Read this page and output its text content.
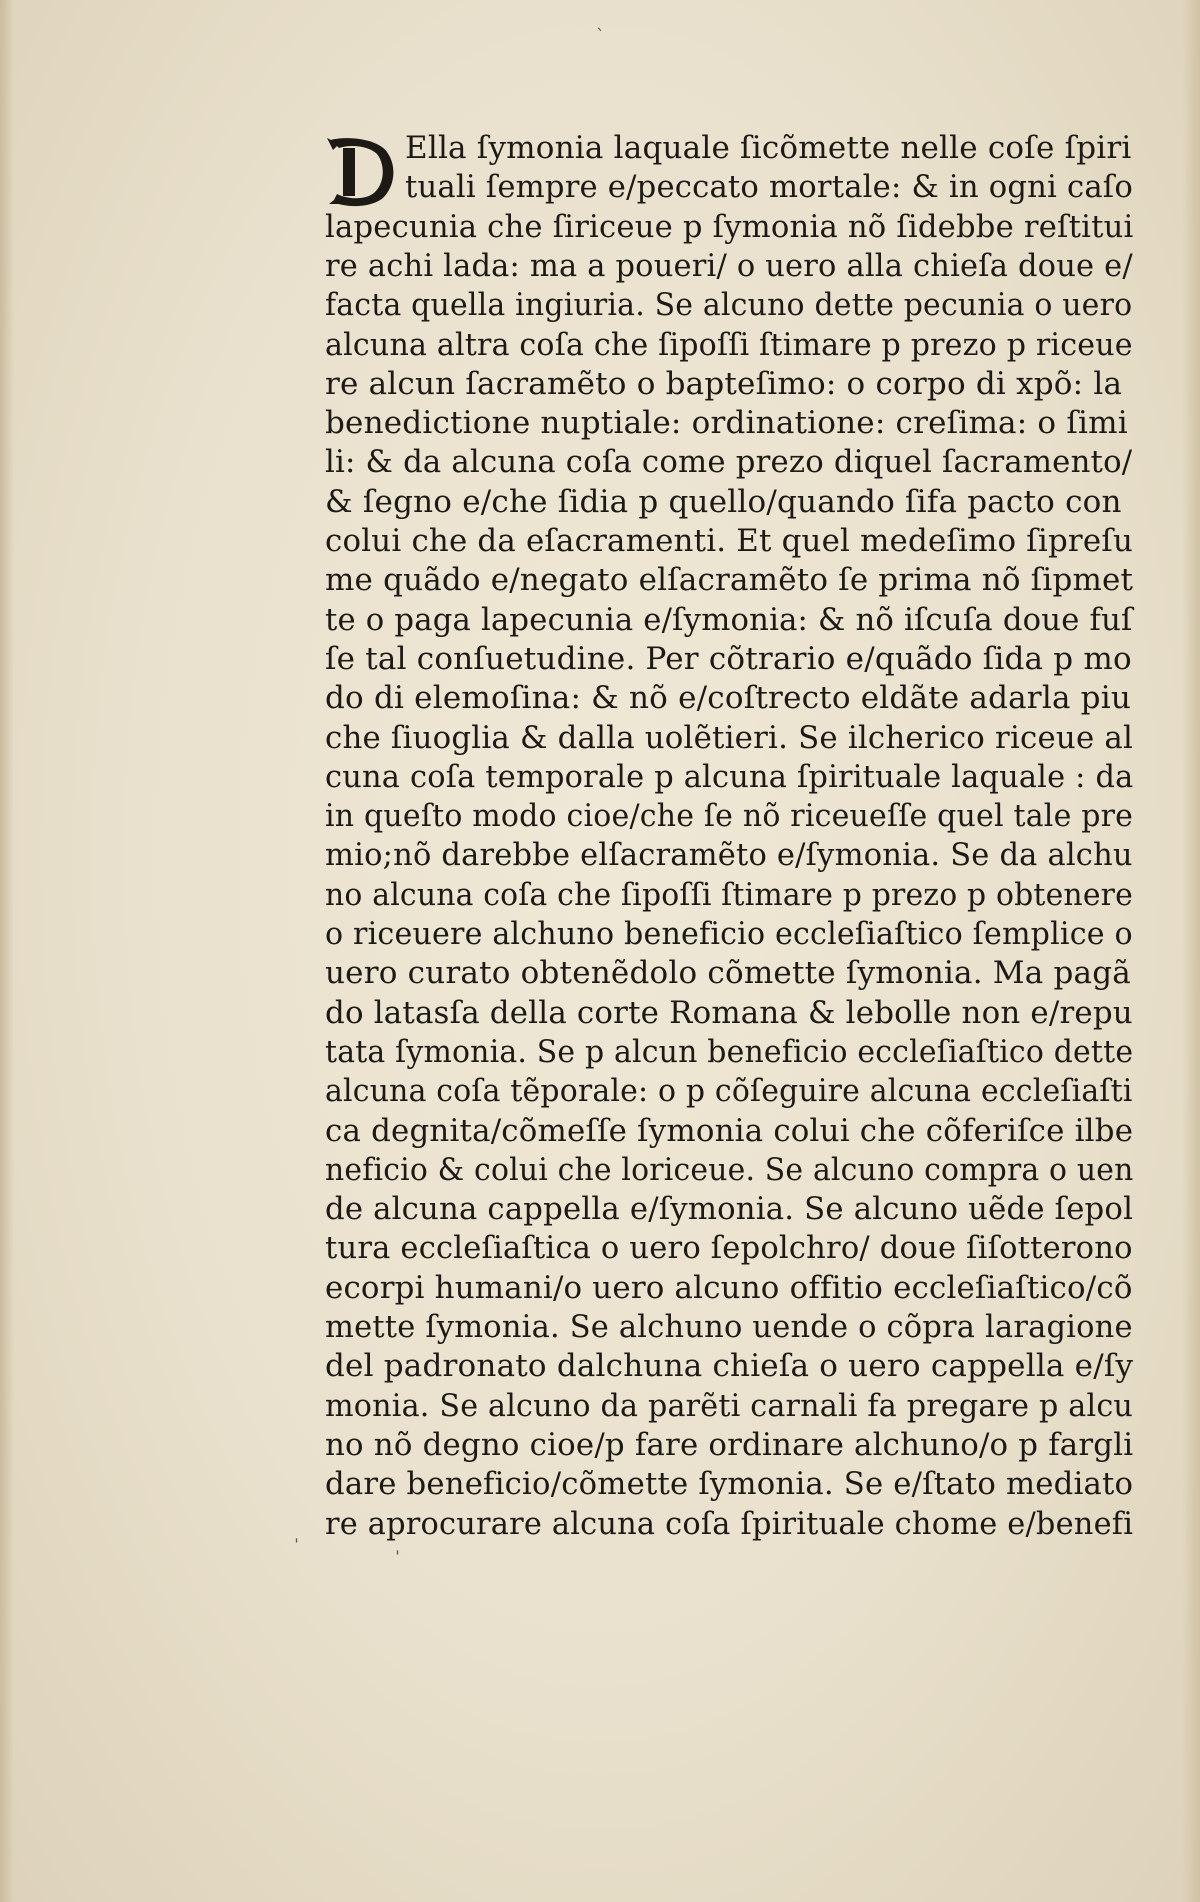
ˋ
Ella ſymonia laquale ſicõmette nelle coſe ſpiri
tuali ſempre e/peccato mortale: & in ogni caſo
lapecunia che ſiriceue p ſymonia nõ ſidebbe reſtitui
re achi lada: ma a poueri/ o uero alla chieſa doue e/
facta quella ingiuria. Se alcuno dette pecunia o uero
alcuna altra coſa che ſipoſſi ſtimare p prezo p riceue
re alcun ſacramẽto o bapteſimo: o corpo di xpõ: la
benedictione nuptiale: ordinatione: creſima: o ſimi
li: & da alcuna coſa come prezo diquel ſacramento/
& ſegno e/che ſidia p quello/quando ſifa pacto con
colui che da eſacramenti. Et quel medeſimo ſipreſu
me quãdo e/negato elſacramẽto ſe prima nõ ſipmet
te o paga lapecunia e/ſymonia: & nõ iſcuſa doue fuſ
ſe tal conſuetudine. Per cõtrario e/quãdo ſida p mo
do di elemoſina: & nõ e/coſtrecto eldãte adarla piu
che ſiuoglia & dalla uolẽtieri. Se ilcherico riceue al
cuna coſa temporale p alcuna ſpirituale laquale : da
in queſto modo cioe/che ſe nõ riceueſſe quel tale pre
mio;nõ darebbe elſacramẽto e/ſymonia. Se da alchu
no alcuna coſa che ſipoſſi ſtimare p prezo p obtenere
o riceuere alchuno beneficio eccleſiaſtico ſemplice o
uero curato obtenẽdolo cõmette ſymonia. Ma pagã
do latasſa della corte Romana & lebolle non e/repu
tata ſymonia. Se p alcun beneficio eccleſiaſtico dette
alcuna coſa tẽporale: o p cõſeguire alcuna eccleſiaſti
ca degnita/cõmeſſe ſymonia colui che cõferiſce ilbe
neficio & colui che loriceue. Se alcuno compra o uen
de alcuna cappella e/ſymonia. Se alcuno uẽde ſepol
tura eccleſiaſtica o uero ſepolchro/ doue ſiſotterono
ecorpi humani/o uero alcuno offitio eccleſiaſtico/cõ
mette ſymonia. Se alchuno uende o cõpra laragione
del padronato dalchuna chieſa o uero cappella e/ſy
monia. Se alcuno da parẽti carnali fa pregare p alcu
no nõ degno cioe/p fare ordinare alchuno/o p fargli
dare beneficio/cõmette ſymonia. Se e/ſtato mediato
re aprocurare alcuna coſa ſpirituale chome e/benefi
ˈ
ˈ
